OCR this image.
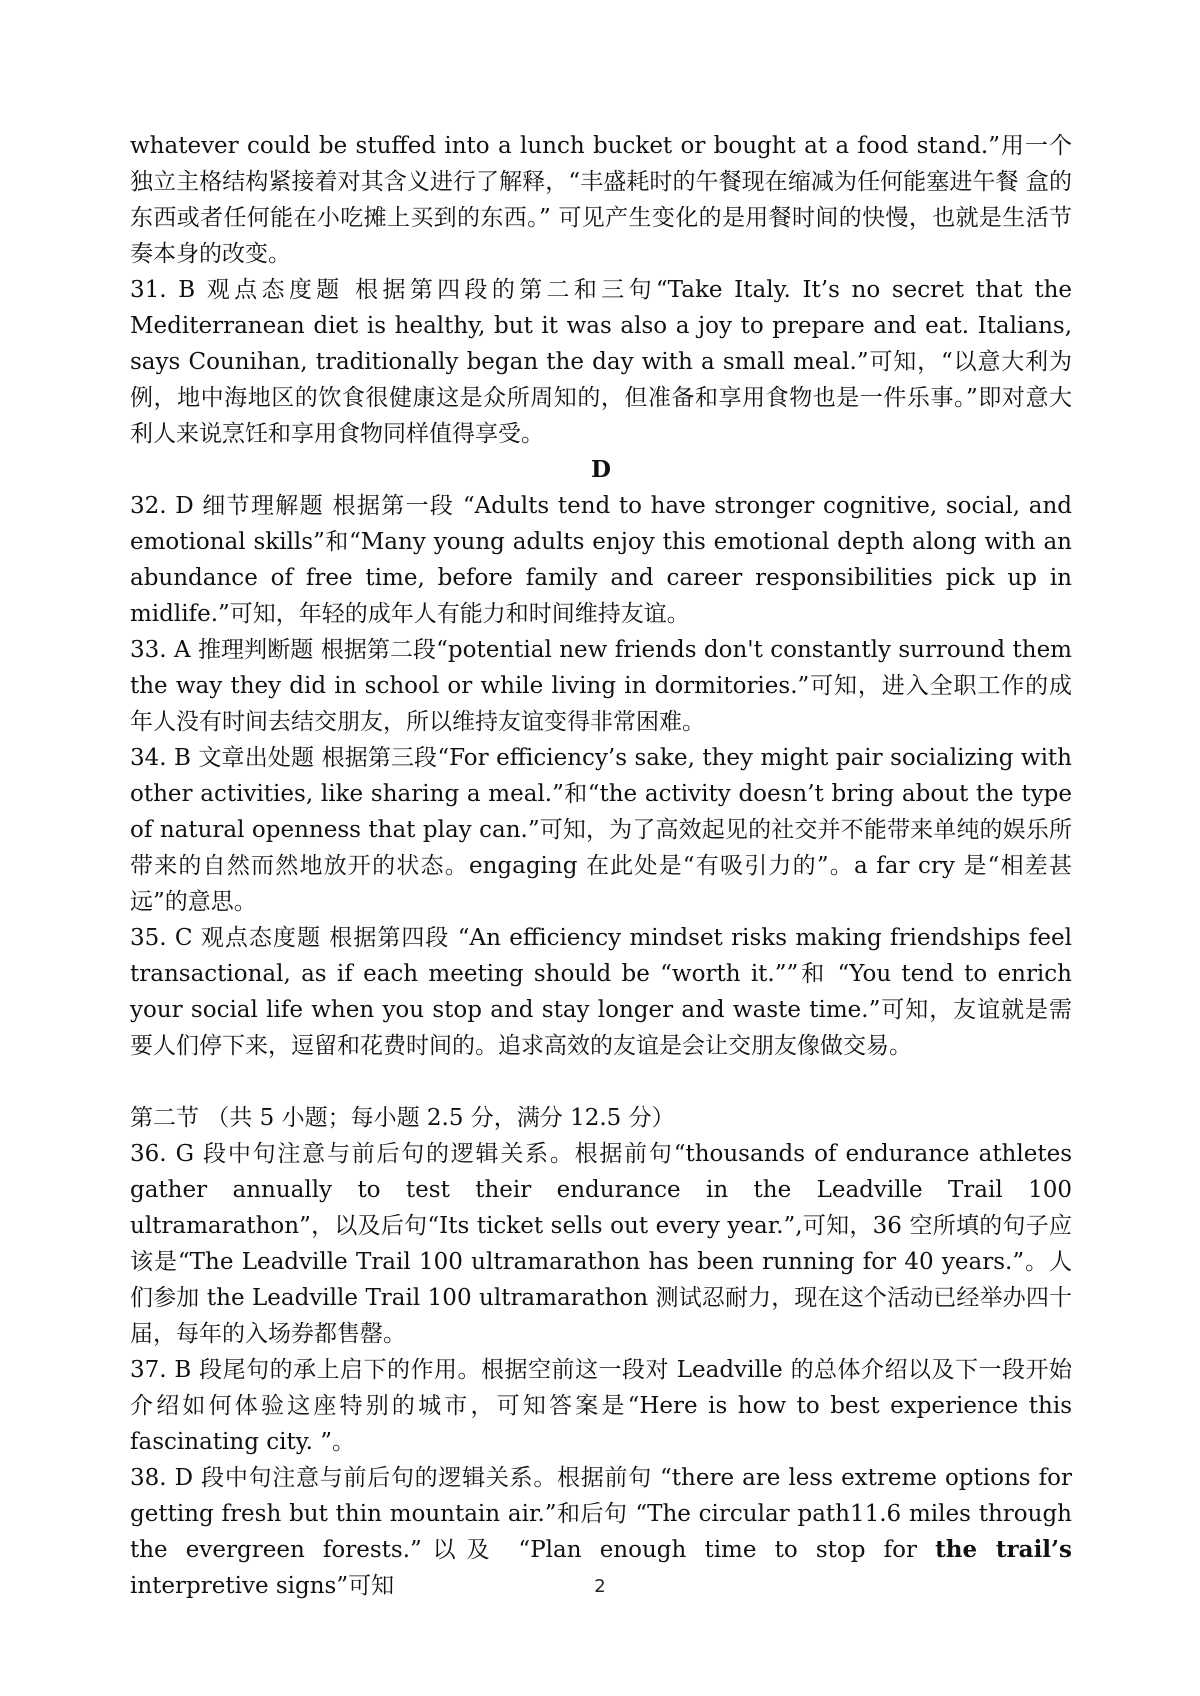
whatever could be stuffed into a lunch bucket or bought at a food stand.”用一个独立主格结构紧接着对其含义进行了解释，“丰盛耗时的午餐现在缩减为任何能塞进午餐 盒的东西或者任何能在小吃摊上买到的东西。” 可见产生变化的是用餐时间的快慢，也就是生活节奏本身的改变。

31. B 观点态度题 根据第四段的第二和三句“Take Italy. It’s no secret that the Mediterranean diet is healthy, but it was also a joy to prepare and eat. Italians, says Counihan, traditionally began the day with a small meal.”可知，“以意大利为例，地中海地区的饮食很健康这是众所周知的，但准备和享用食物也是一件乐事。”即对意大利人来说烹饪和享用食物同样值得享受。

D

32. D 细节理解题 根据第一段 “Adults tend to have stronger cognitive, social, and emotional skills”和“Many young adults enjoy this emotional depth along with an abundance of free time, before family and career responsibilities pick up in midlife.”可知，年轻的成年人有能力和时间维持友谊。

33. A 推理判断题 根据第二段“potential new friends don't constantly surround them the way they did in school or while living in dormitories.”可知，进入全职工作的成年人没有时间去结交朋友，所以维持友谊变得非常困难。

34. B 文章出处题 根据第三段“For efficiency’s sake, they might pair socializing with other activities, like sharing a meal.”和“the activity doesn’t bring about the type of natural openness that play can.”可知，为了高效起见的社交并不能带来单纯的娱乐所带来的自然而然地放开的状态。engaging 在此处是“有吸引力的”。a far cry 是“相差甚远”的意思。

35. C 观点态度题 根据第四段 “An efficiency mindset risks making friendships feel transactional, as if each meeting should be “worth it.””和 “You tend to enrich your social life when you stop and stay longer and waste time.”可知，友谊就是需要人们停下来，逗留和花费时间的。追求高效的友谊是会让交朋友像做交易。

第二节 （共 5 小题；每小题 2.5 分，满分 12.5 分）

36. G 段中句注意与前后句的逻辑关系。根据前句“thousands of endurance athletes gather annually to test their endurance in the Leadville Trail 100 ultramarathon”，以及后句“Its ticket sells out every year.”,可知，36 空所填的句子应该是“The Leadville Trail 100 ultramarathon has been running for 40 years.”。人们参加 the Leadville Trail 100 ultramarathon 测试忍耐力，现在这个活动已经举办四十届，每年的入场券都售罄。

37. B 段尾句的承上启下的作用。根据空前这一段对 Leadville 的总体介绍以及下一段开始介绍如何体验这座特别的城市，可知答案是“Here is how to best experience this fascinating city. ”。

38. D 段中句注意与前后句的逻辑关系。根据前句 “there are less extreme options for getting fresh but thin mountain air.”和后句 “The circular path11.6 miles through the evergreen forests.”以及 “Plan enough time to stop for the trail’s interpretive signs”可知	2
